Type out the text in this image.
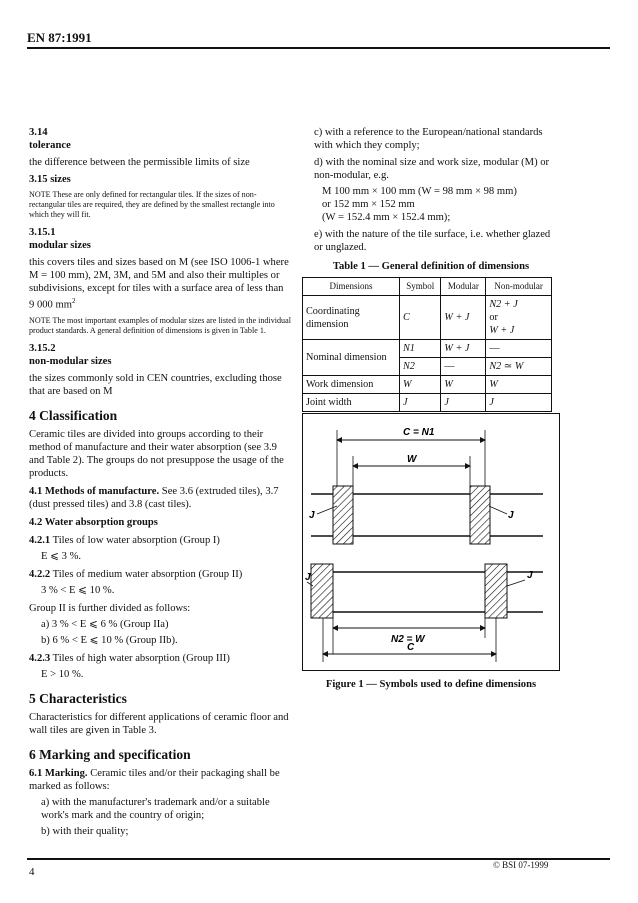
EN 87:1991

3.14

tolerance

the difference between the permissible limits of size

3.15 sizes

NOTE These are only defined for rectangular tiles. If the sizes of non-rectangular tiles are required, they are defined by the smallest rectangle into which they will fit.

3.15.1

modular sizes

this covers tiles and sizes based on M (see ISO 1006-1 where M = 100 mm), 2M, 3M, and 5M and also their multiples or subdivisions, except for tiles with a surface area of less than 9 000 $mm^2$

NOTE The most important examples of modular sizes are listed in the individual product standards. A general definition of dimensions is given in Table 1.

3.15.2

non-modular sizes

the sizes commonly sold in CEN countries, excluding those that are based on M

4 Classification

Ceramic tiles are divided into groups according to their method of manufacture and their water absorption (see 3.9 and Table 2). The groups do not presuppose the usage of the products.

4.1 Methods of manufacture. See 3.6 (extruded tiles), 3.7 (dust pressed tiles) and 3.8 (cast tiles).

4.2 Water absorption groups

4.2.1 Tiles of low water absorption (Group I)

E ⩽ 3 %.

4.2.2 Tiles of medium water absorption (Group II)

3 % < E ⩽ 10 %.

Group II is further divided as follows:

a) 3 % < E ⩽ 6 % (Group IIa)

b) 6 % < E ⩽ 10 % (Group IIb).

4.2.3 Tiles of high water absorption (Group III)

E > 10 %.

5 Characteristics

Characteristics for different applications of ceramic floor and wall tiles are given in Table 3.

6 Marking and specification

6.1 Marking. Ceramic tiles and/or their packaging shall be marked as follows:

a) with the manufacturer's trademark and/or a suitable work's mark and the country of origin;

b) with their quality;

c) with a reference to the European/national standards with which they comply;

d) with the nominal size and work size, modular (M) or non-modular, e.g.

M 100 mm × 100 mm (W = 98 mm × 98 mm)

or 152 mm × 152 mm

(W = 152.4 mm × 152.4 mm);

e) with the nature of the tile surface, i.e. whether glazed or unglazed.

Table 1 — General definition of dimensions

Dimensions	Symbol	Modular	Non-modular
Coordinating dimension	C	W + J	N2 + J
or
W + J

Nominal dimension	N1	W + J	—
	N2	—	N2 ≃ W
Work dimension	W	W	W
Joint width	J	J	J
C = N1
W
J	J
J	J
N2 = W
C
Figure 1 — Symbols used to define dimensions
4
© BSI 07-1999
